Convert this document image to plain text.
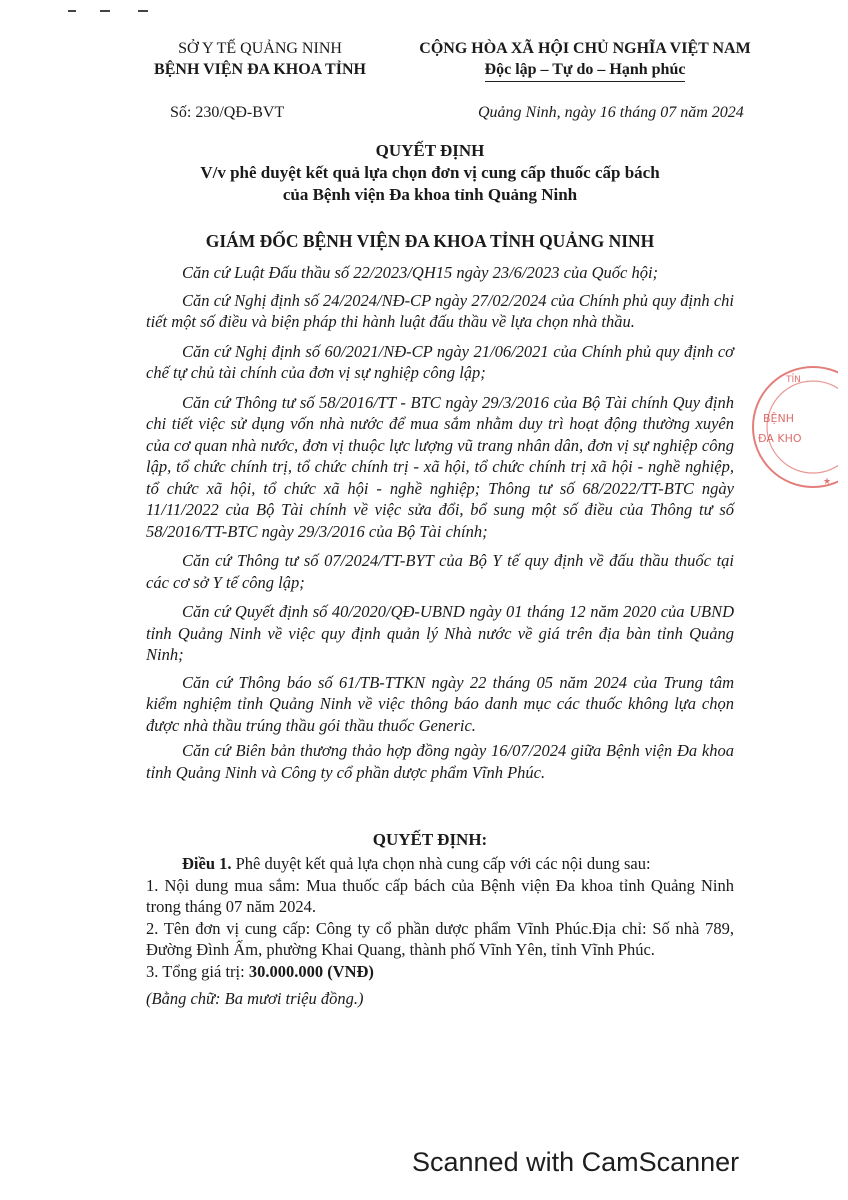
SỞ Y TẾ QUẢNG NINH
BỆNH VIỆN ĐA KHOA TỈNH
CỘNG HÒA XÃ HỘI CHỦ NGHĨA VIỆT NAM
Độc lập – Tự do – Hạnh phúc
Số: 230/QĐ-BVT	Quảng Ninh, ngày 16 tháng 07 năm 2024
QUYẾT ĐỊNH
V/v phê duyệt kết quả lựa chọn đơn vị cung cấp thuốc cấp bách
của Bệnh viện Đa khoa tỉnh Quảng Ninh
GIÁM ĐỐC BỆNH VIỆN ĐA KHOA TỈNH QUẢNG NINH

Căn cứ Luật Đấu thầu số 22/2023/QH15 ngày 23/6/2023 của Quốc hội;

Căn cứ Nghị định số 24/2024/NĐ-CP ngày 27/02/2024 của Chính phủ quy định chi tiết một số điều và biện pháp thi hành luật đấu thầu về lựa chọn nhà thầu.

Căn cứ Nghị định số 60/2021/NĐ-CP ngày 21/06/2021 của Chính phủ quy định cơ chế tự chủ tài chính của đơn vị sự nghiệp công lập;

Căn cứ Thông tư số 58/2016/TT - BTC ngày 29/3/2016 của Bộ Tài chính Quy định chi tiết việc sử dụng vốn nhà nước để mua sắm nhằm duy trì hoạt động thường xuyên của cơ quan nhà nước, đơn vị thuộc lực lượng vũ trang nhân dân, đơn vị sự nghiệp công lập, tổ chức chính trị, tổ chức chính trị - xã hội, tổ chức chính trị xã hội - nghề nghiệp, tổ chức xã hội, tổ chức xã hội - nghề nghiệp; Thông tư số 68/2022/TT-BTC ngày 11/11/2022 của Bộ Tài chính về việc sửa đổi, bổ sung một số điều của Thông tư số 58/2016/TT-BTC ngày 29/3/2016 của Bộ Tài chính;

Căn cứ Thông tư số 07/2024/TT-BYT của Bộ Y tế quy định về đấu thầu thuốc tại các cơ sở Y tế công lập;

Căn cứ Quyết định số 40/2020/QĐ-UBND ngày 01 tháng 12 năm 2020 của UBND tỉnh Quảng Ninh về việc quy định quản lý Nhà nước về giá trên địa bàn tỉnh Quảng Ninh;

Căn cứ Thông báo số 61/TB-TTKN ngày 22 tháng 05 năm 2024 của Trung tâm kiểm nghiệm tỉnh Quảng Ninh về việc thông báo danh mục các thuốc không lựa chọn được nhà thầu trúng thầu gói thầu thuốc Generic.

Căn cứ Biên bản thương thảo hợp đồng ngày 16/07/2024 giữa Bệnh viện Đa khoa tỉnh Quảng Ninh và Công ty cổ phần dược phẩm Vĩnh Phúc.

QUYẾT ĐỊNH:

Điều 1. Phê duyệt kết quả lựa chọn nhà cung cấp với các nội dung sau:

1. Nội dung mua sắm: Mua thuốc cấp bách của Bệnh viện Đa khoa tỉnh Quảng Ninh trong tháng 07 năm 2024.

2. Tên đơn vị cung cấp: Công ty cổ phần dược phẩm Vĩnh Phúc.Địa chỉ: Số nhà 789, Đường Đình Ấm, phường Khai Quang, thành phố Vĩnh Yên, tỉnh Vĩnh Phúc.

3. Tổng giá trị: 30.000.000 (VNĐ)

(Bằng chữ: Ba mươi triệu đồng.)

TỈN
BỆNH
ĐA KHO
★
Scanned with CamScanner
